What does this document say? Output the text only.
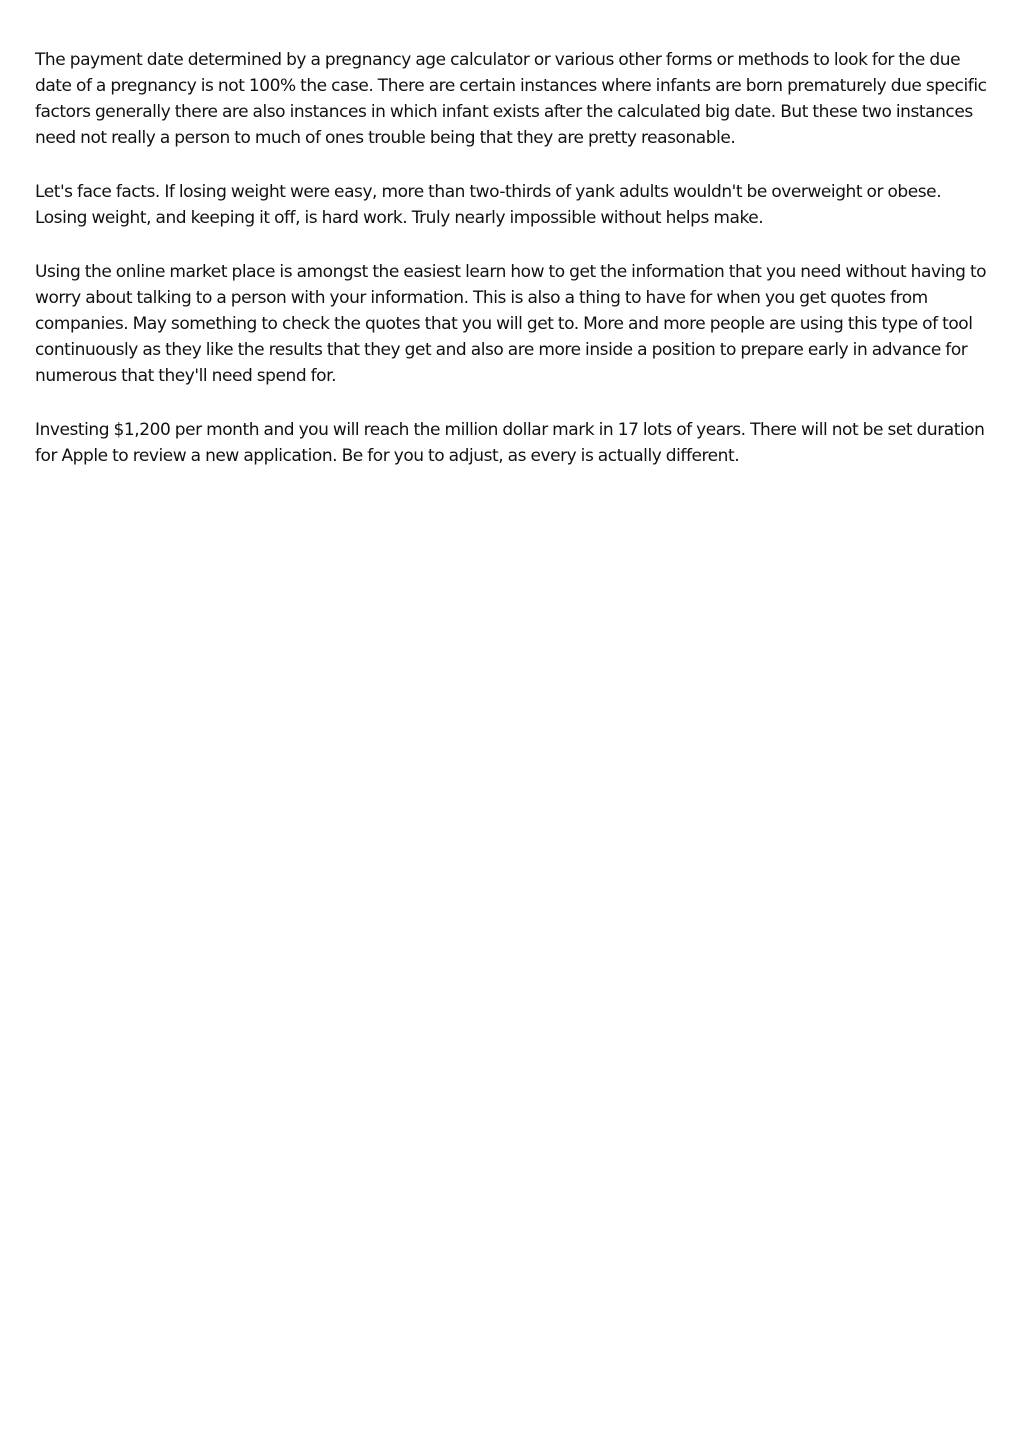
The payment date determined by a pregnancy age calculator or various other forms or methods to look for the due date of a pregnancy is not 100% the case. There are certain instances where infants are born prematurely due specific factors generally there are also instances in which infant exists after the calculated big date. But these two instances need not really a person to much of ones trouble being that they are pretty reasonable.

Let's face facts. If losing weight were easy, more than two-thirds of yank adults wouldn't be overweight or obese. Losing weight, and keeping it off, is hard work. Truly nearly impossible without helps make.

Using the online market place is amongst the easiest learn how to get the information that you need without having to worry about talking to a person with your information. This is also a thing to have for when you get quotes from companies. May something to check the quotes that you will get to. More and more people are using this type of tool continuously as they like the results that they get and also are more inside a position to prepare early in advance for numerous that they'll need spend for.

Investing $1,200 per month and you will reach the million dollar mark in 17 lots of years. There will not be set duration for Apple to review a new application. Be for you to adjust, as every is actually different.
